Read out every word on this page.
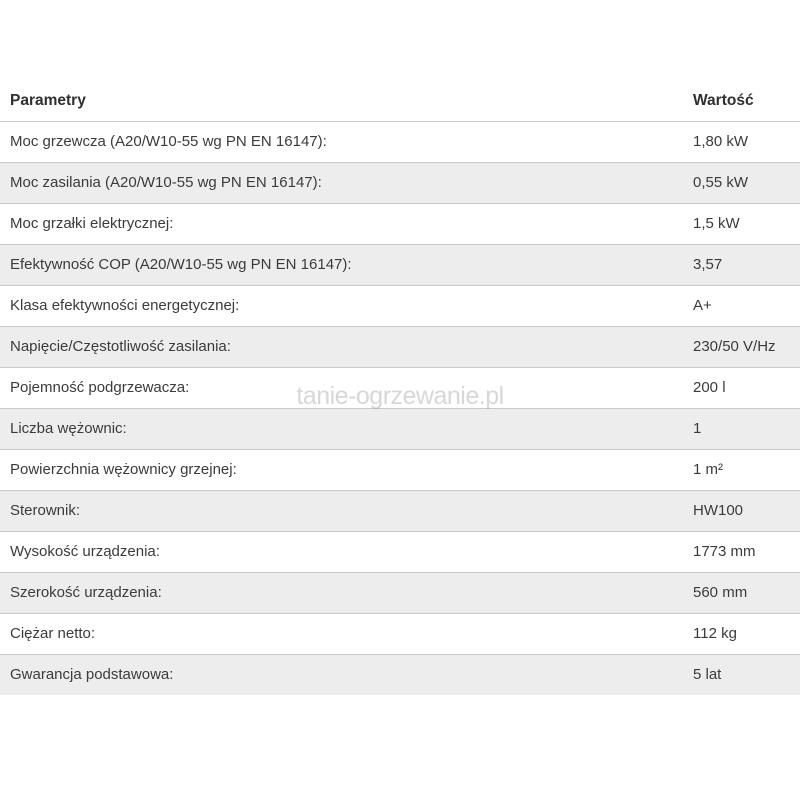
tanie-ogrzewanie.pl
Parametry	Wartość
Moc grzewcza (A20/W10-55 wg PN EN 16147):	1,80 kW
Moc zasilania (A20/W10-55 wg PN EN 16147):	0,55 kW
Moc grzałki elektrycznej:	1,5 kW
Efektywność COP (A20/W10-55 wg PN EN 16147):	3,57
Klasa efektywności energetycznej:	A+
Napięcie/Częstotliwość zasilania:	230/50 V/Hz
Pojemność podgrzewacza:	200 l
Liczba wężownic:	1
Powierzchnia wężownicy grzejnej:	1 m²
Sterownik:	HW100
Wysokość urządzenia:	1773 mm
Szerokość urządzenia:	560 mm
Ciężar netto:	112 kg
Gwarancja podstawowa:	5 lat
